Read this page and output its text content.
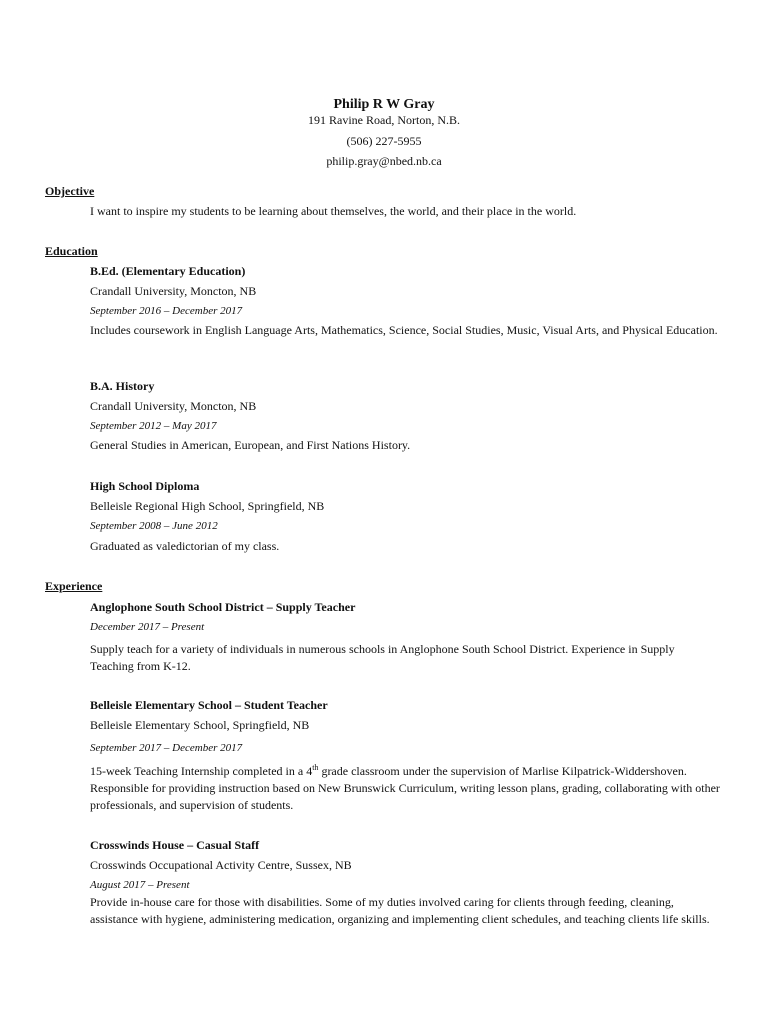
Philip R W Gray
191 Ravine Road, Norton, N.B.
(506) 227-5955
philip.gray@nbed.nb.ca
Objective
I want to inspire my students to be learning about themselves, the world, and their place in the world.
Education
B.Ed. (Elementary Education)
Crandall University, Moncton, NB
September 2016 – December 2017
Includes coursework in English Language Arts, Mathematics, Science, Social Studies, Music, Visual Arts, and Physical Education.
B.A. History
Crandall University, Moncton, NB
September 2012 – May 2017
General Studies in American, European, and First Nations History.
High School Diploma
Belleisle Regional High School, Springfield, NB
September 2008 – June 2012
Graduated as valedictorian of my class.
Experience
Anglophone South School District – Supply Teacher
December 2017 – Present
Supply teach for a variety of individuals in numerous schools in Anglophone South School District. Experience in Supply Teaching from K-12.
Belleisle Elementary School – Student Teacher
Belleisle Elementary School, Springfield, NB
September 2017 – December 2017
15-week Teaching Internship completed in a 4th grade classroom under the supervision of Marlise Kilpatrick-Widdershoven. Responsible for providing instruction based on New Brunswick Curriculum, writing lesson plans, grading, collaborating with other professionals, and supervision of students.
Crosswinds House – Casual Staff
Crosswinds Occupational Activity Centre, Sussex, NB
August 2017 – Present
Provide in-house care for those with disabilities. Some of my duties involved caring for clients through feeding, cleaning, assistance with hygiene, administering medication, organizing and implementing client schedules, and teaching clients life skills.
